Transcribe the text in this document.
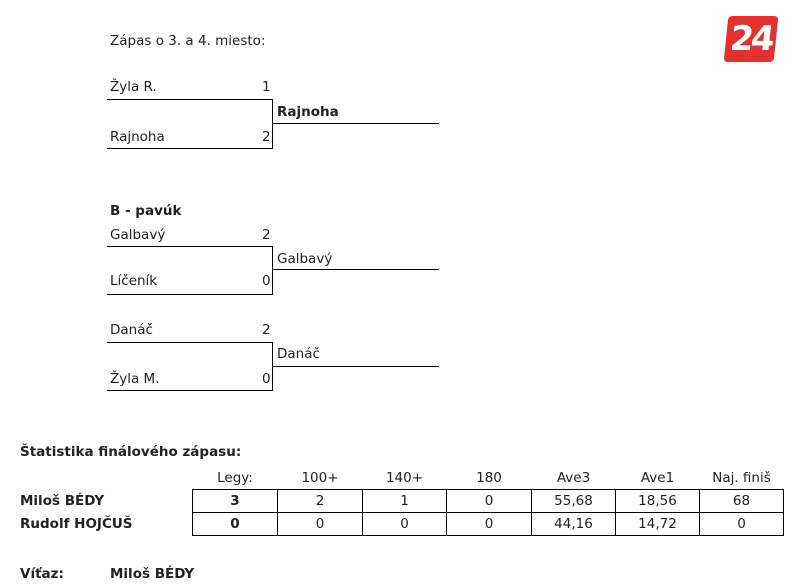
24
Zápas o 3. a 4. miesto:
Žyla R.	1
Rajnoha
Rajnoha	2
B - pavúk
Galbavý	2
Galbavý
Líčeník	0
Danáč	2
Danáč
Žyla M.	0
Štatistika finálového zápasu:
	Legy:	100+	140+	180	Ave3	Ave1	Naj. finiš
Miloš BÉDY	3	2	1	0	55,68	18,56	68
Rudolf HOJČUŠ	0	0	0	0	44,16	14,72	0
Víťaz:	Miloš BÉDY
